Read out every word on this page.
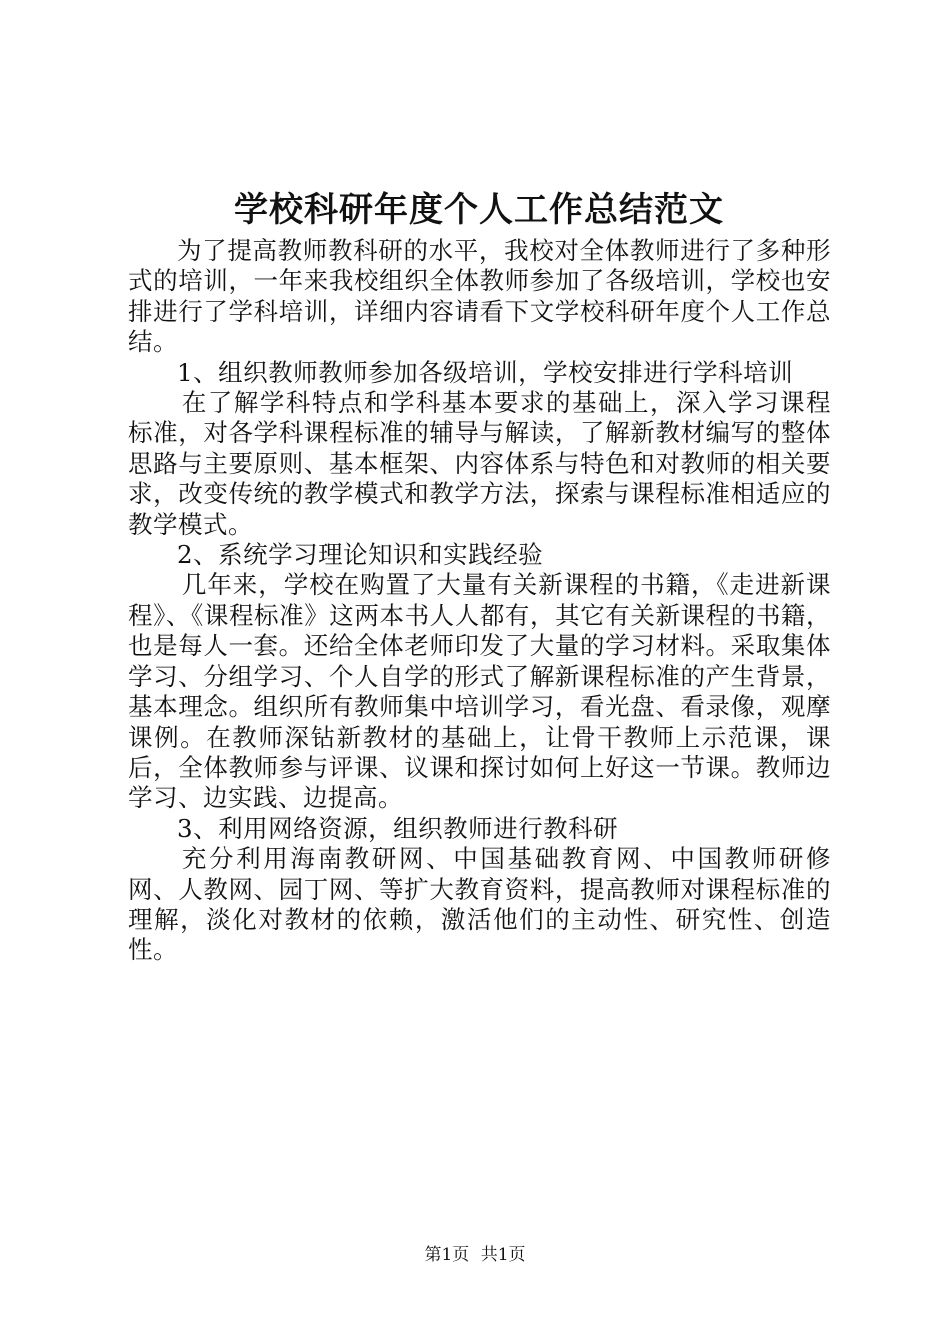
学校科研年度个人工作总结范文

为了提高教师教科研的水平，我校对全体教师进行了多种形式的培训，一年来我校组织全体教师参加了各级培训，学校也安排进行了学科培训，详细内容请看下文学校科研年度个人工作总结。

1、组织教师教师参加各级培训，学校安排进行学科培训

在了解学科特点和学科基本要求的基础上，深入学习课程标准，对各学科课程标准的辅导与解读，了解新教材编写的整体思路与主要原则、基本框架、内容体系与特色和对教师的相关要求，改变传统的教学模式和教学方法，探索与课程标准相适应的教学模式。

2、系统学习理论知识和实践经验

几年来，学校在购置了大量有关新课程的书籍，《走进新课程》、《课程标准》这两本书人人都有，其它有关新课程的书籍，也是每人一套。还给全体老师印发了大量的学习材料。采取集体学习、分组学习、个人自学的形式了解新课程标准的产生背景，基本理念。组织所有教师集中培训学习，看光盘、看录像，观摩课例。在教师深钻新教材的基础上，让骨干教师上示范课，课后，全体教师参与评课、议课和探讨如何上好这一节课。教师边学习、边实践、边提高。

3、利用网络资源，组织教师进行教科研

充分利用海南教研网、中国基础教育网、中国教师研修网、人教网、园丁网、等扩大教育资料，提高教师对课程标准的理解，淡化对教材的依赖，激活他们的主动性、研究性、创造性。

第1页 共1页
